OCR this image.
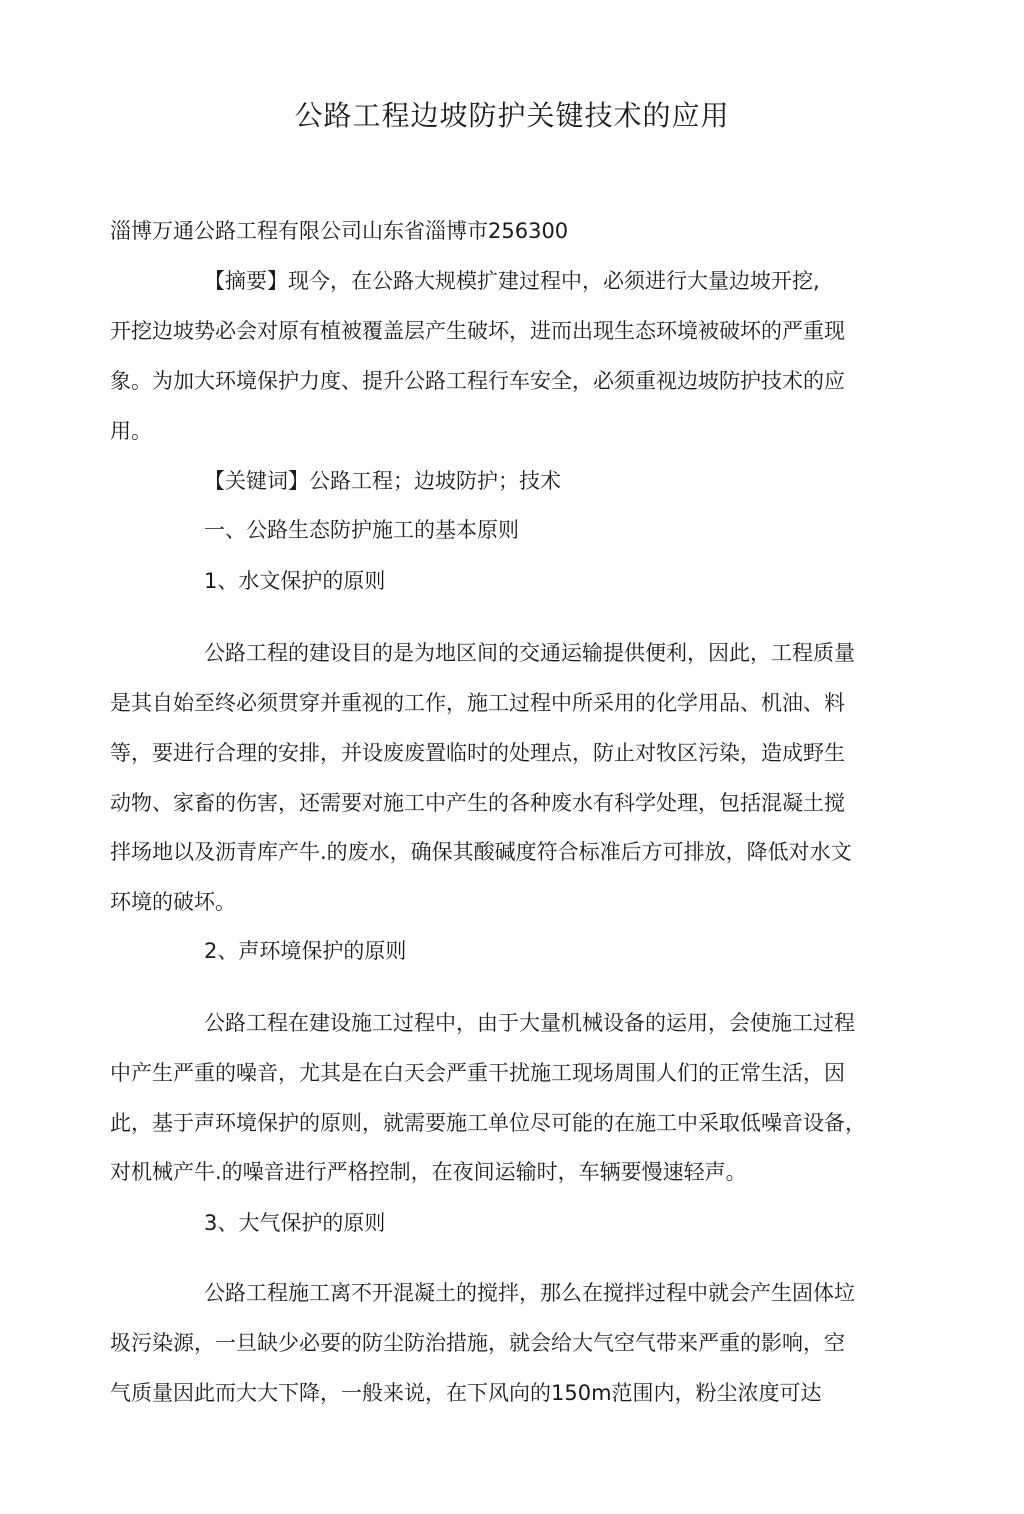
公路工程边坡防护关键技术的应用

淄博万通公路工程有限公司山东省淄博市256300

【摘要】现今，在公路大规模扩建过程中，必须进行大量边坡开挖,

开挖边坡势必会对原有植被覆盖层产生破坏，进而出现生态环境被破坏的严重现

象。为加大环境保护力度、提升公路工程行车安全，必须重视边坡防护技术的应

用。

【关键词】公路工程；边坡防护；技术

一、公路生态防护施工的基本原则

1、水文保护的原则

公路工程的建设目的是为地区间的交通运输提供便利，因此，工程质量

是其自始至终必须贯穿并重视的工作，施工过程中所采用的化学用品、机油、料

等，要进行合理的安排，并设废废置临时的处理点，防止对牧区污染，造成野生

动物、家畜的伤害，还需要对施工中产生的各种废水有科学处理，包括混凝土搅

拌场地以及沥青库产牛.的废水，确保其酸碱度符合标准后方可排放，降低对水文

环境的破坏。

2、声环境保护的原则

公路工程在建设施工过程中，由于大量机械设备的运用，会使施工过程

中产生严重的噪音，尤其是在白天会严重干扰施工现场周围人们的正常生活，因

此，基于声环境保护的原则，就需要施工单位尽可能的在施工中采取低噪音设备，

对机械产牛.的噪音进行严格控制，在夜间运输时，车辆要慢速轻声。

3、大气保护的原则

公路工程施工离不开混凝土的搅拌，那么在搅拌过程中就会产生固体垃

圾污染源，一旦缺少必要的防尘防治措施，就会给大气空气带来严重的影响，空

气质量因此而大大下降，一般来说，在下风向的150m范围内，粉尘浓度可达
